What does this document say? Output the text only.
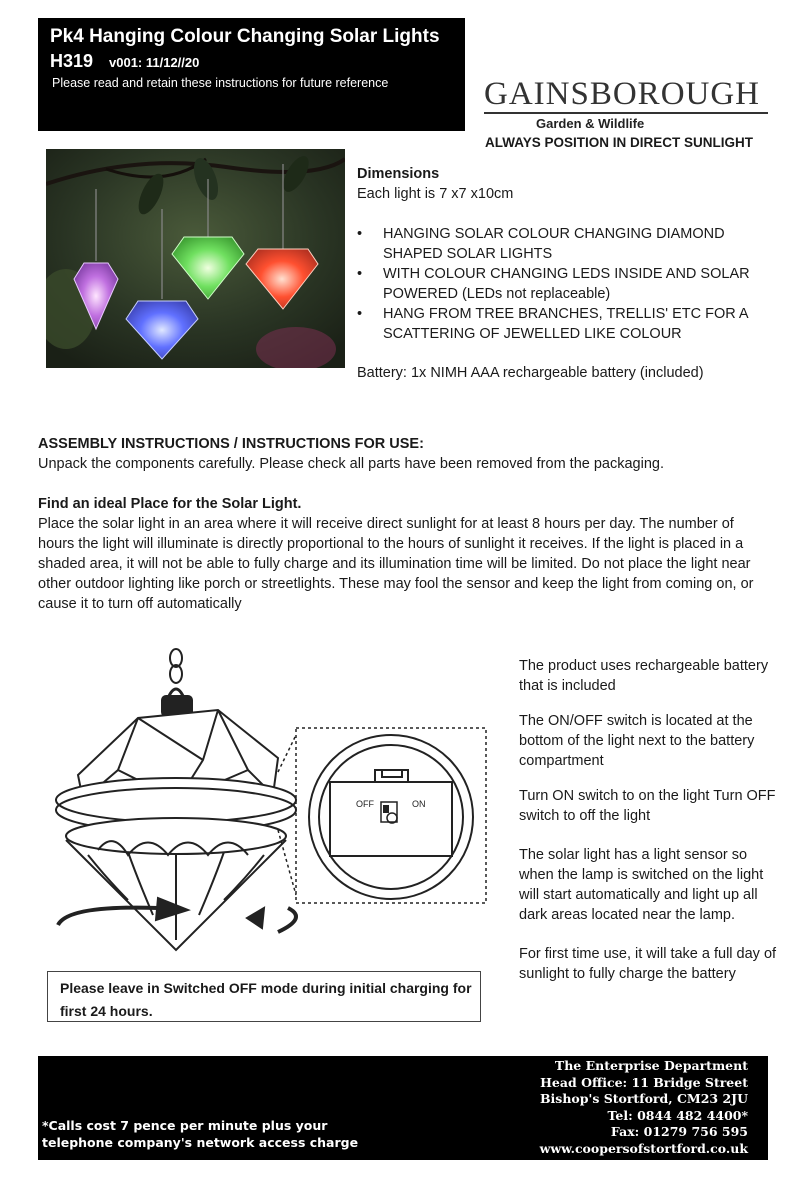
Pk4 Hanging Colour Changing Solar Lights
H319 v001: 11/12//20
Please read and retain these instructions for future reference	GAINSBOROUGH
Garden & Wildlife
ALWAYS POSITION IN DIRECT SUNLIGHT
Dimensions
Each light is 7 x7 x10cm
• HANGING SOLAR COLOUR CHANGING DIAMOND SHAPED SOLAR LIGHTS
• WITH COLOUR CHANGING LEDS INSIDE AND SOLAR POWERED (LEDs not replaceable)
• HANG FROM TREE BRANCHES, TRELLIS' ETC FOR A SCATTERING OF JEWELLED LIKE COLOUR
Battery: 1x NIMH AAA rechargeable battery (included)
ASSEMBLY INSTRUCTIONS / INSTRUCTIONS FOR USE:
Unpack the components carefully. Please check all parts have been removed from the packaging.
Find an ideal Place for the Solar Light.
Place the solar light in an area where it will receive direct sunlight for at least 8 hours per day. The number of hours the light will illuminate is directly proportional to the hours of sunlight it receives. If the light is placed in a shaded area, it will not be able to fully charge and its illumination time will be limited. Do not place the light near other outdoor lighting like porch or streetlights. These may fool the sensor and keep the light from coming on, or cause it to turn off automatically
OFF	ON
Please leave in Switched OFF mode during initial charging for first 24 hours.

The product uses rechargeable battery that is included

The ON/OFF switch is located at the bottom of the light next to the battery compartment

Turn ON switch to on the light Turn OFF switch to off the light

The solar light has a light sensor so when the lamp is switched on the light will start automatically and light up all dark areas located near the lamp.

For first time use, it will take a full day of sunlight to fully charge the battery

The Enterprise Department
Head Office: 11 Bridge Street
Bishop's Stortford, CM23 2JU
Tel: 0844 482 4400*
Fax: 01279 756 595
www.coopersofstortford.co.uk
*Calls cost 7 pence per minute plus your
telephone company's network access charge
